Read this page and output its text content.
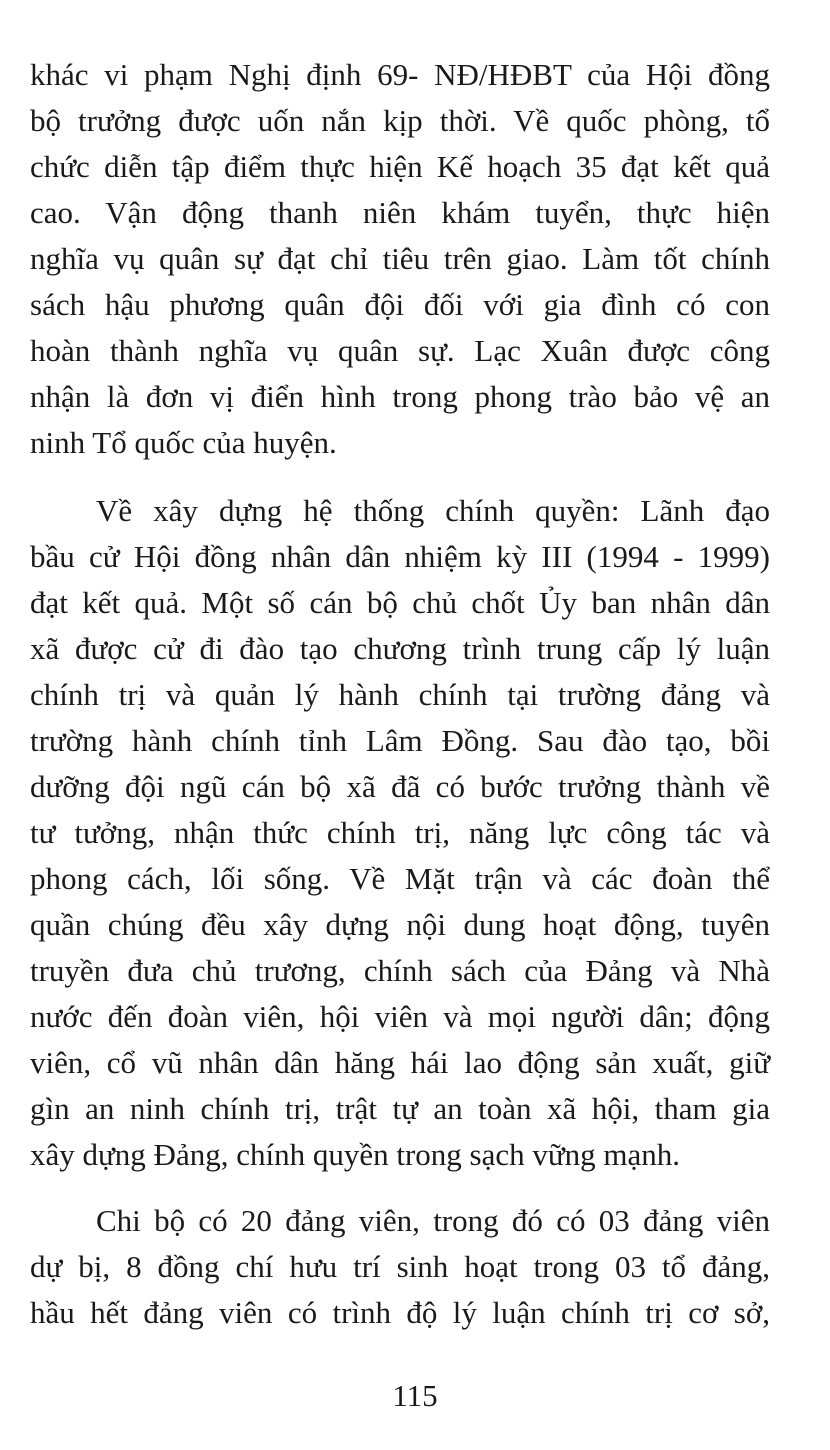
khác vi phạm Nghị định 69- NĐ/HĐBT của Hội đồng
bộ trưởng được uốn nắn kịp thời. Về quốc phòng, tổ
chức diễn tập điểm thực hiện Kế hoạch 35 đạt kết quả
cao. Vận động thanh niên khám tuyển, thực hiện
nghĩa vụ quân sự đạt chỉ tiêu trên giao. Làm tốt chính
sách hậu phương quân đội đối với gia đình có con
hoàn thành nghĩa vụ quân sự. Lạc Xuân được công
nhận là đơn vị điển hình trong phong trào bảo vệ an
ninh Tổ quốc của huyện.
Về xây dựng hệ thống chính quyền: Lãnh đạo
bầu cử Hội đồng nhân dân nhiệm kỳ III (1994 - 1999)
đạt kết quả. Một số cán bộ chủ chốt Ủy ban nhân dân
xã được cử đi đào tạo chương trình trung cấp lý luận
chính trị và quản lý hành chính tại trường đảng và
trường hành chính tỉnh Lâm Đồng. Sau đào tạo, bồi
dưỡng đội ngũ cán bộ xã đã có bước trưởng thành về
tư tưởng, nhận thức chính trị, năng lực công tác và
phong cách, lối sống. Về Mặt trận và các đoàn thể
quần chúng đều xây dựng nội dung hoạt động, tuyên
truyền đưa chủ trương, chính sách của Đảng và Nhà
nước đến đoàn viên, hội viên và mọi người dân; động
viên, cổ vũ nhân dân hăng hái lao động sản xuất, giữ
gìn an ninh chính trị, trật tự an toàn xã hội, tham gia
xây dựng Đảng, chính quyền trong sạch vững mạnh.
Chi bộ có 20 đảng viên, trong đó có 03 đảng viên
dự bị, 8 đồng chí hưu trí sinh hoạt trong 03 tổ đảng,
hầu hết đảng viên có trình độ lý luận chính trị cơ sở,
115
